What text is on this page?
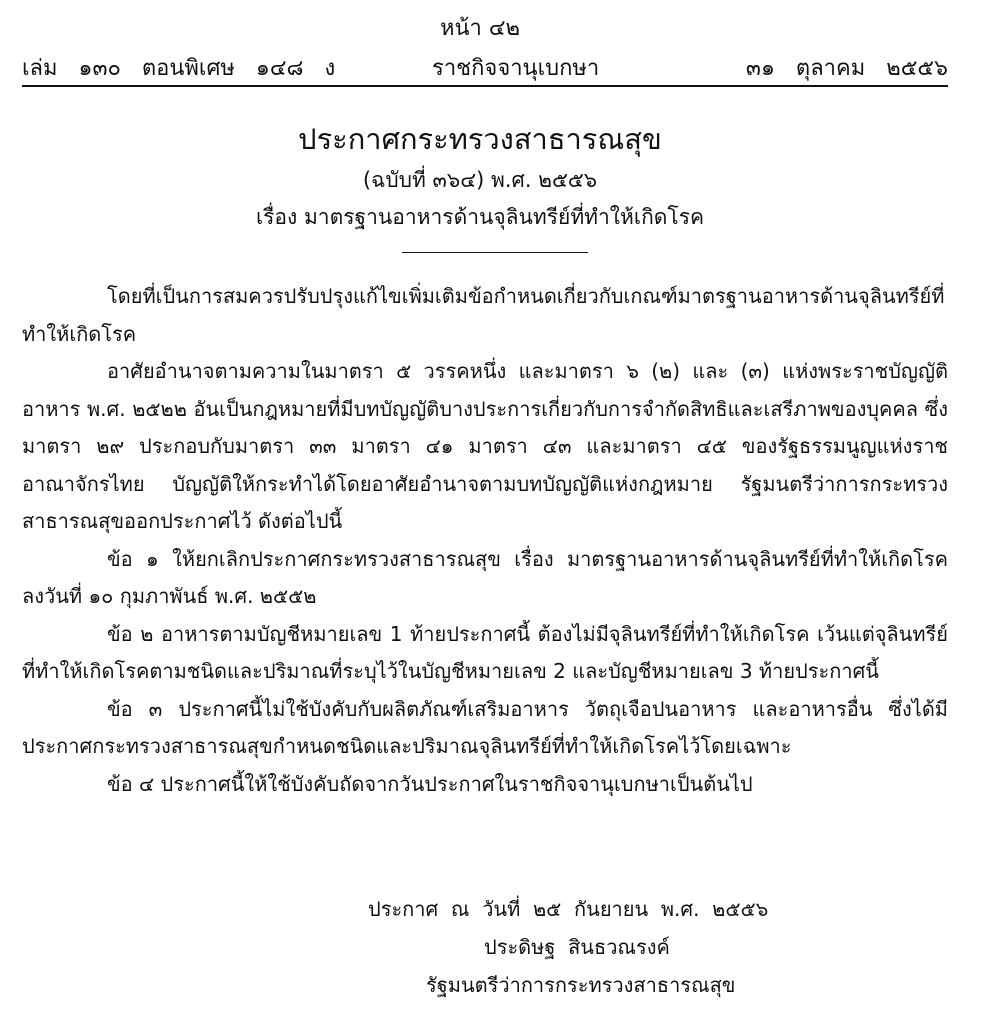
หน้า ๔๒
เล่ม   ๑๓๐   ตอนพิเศษ   ๑๔๘   ง	ราชกิจจานุเบกษา	๓๑   ตุลาคม   ๒๕๕๖
ประกาศกระทรวงสาธารณสุข
(ฉบับที่ ๓๖๔) พ.ศ. ๒๕๕๖
เรื่อง มาตรฐานอาหารด้านจุลินทรีย์ที่ทำให้เกิดโรค

โดยที่เป็นการสมควรปรับปรุงแก้ไขเพิ่มเติมข้อกำหนดเกี่ยวกับเกณฑ์มาตรฐานอาหารด้านจุลินทรีย์ที่ทำให้เกิดโรค

อาศัยอำนาจตามความในมาตรา ๕ วรรคหนึ่ง และมาตรา ๖ (๒) และ (๓) แห่งพระราชบัญญัติอาหาร พ.ศ. ๒๕๒๒ อันเป็นกฎหมายที่มีบทบัญญัติบางประการเกี่ยวกับการจำกัดสิทธิและเสรีภาพของบุคคล ซึ่งมาตรา ๒๙ ประกอบกับมาตรา ๓๓ มาตรา ๔๑ มาตรา ๔๓ และมาตรา ๔๕ ของรัฐธรรมนูญแห่งราชอาณาจักรไทย บัญญัติให้กระทำได้โดยอาศัยอำนาจตามบทบัญญัติแห่งกฎหมาย รัฐมนตรีว่าการกระทรวงสาธารณสุขออกประกาศไว้ ดังต่อไปนี้

ข้อ ๑ ให้ยกเลิกประกาศกระทรวงสาธารณสุข เรื่อง มาตรฐานอาหารด้านจุลินทรีย์ที่ทำให้เกิดโรค ลงวันที่ ๑๐ กุมภาพันธ์ พ.ศ. ๒๕๕๒

ข้อ ๒ อาหารตามบัญชีหมายเลข 1 ท้ายประกาศนี้ ต้องไม่มีจุลินทรีย์ที่ทำให้เกิดโรค เว้นแต่จุลินทรีย์ที่ทำให้เกิดโรคตามชนิดและปริมาณที่ระบุไว้ในบัญชีหมายเลข 2 และบัญชีหมายเลข 3 ท้ายประกาศนี้

ข้อ ๓ ประกาศนี้ไม่ใช้บังคับกับผลิตภัณฑ์เสริมอาหาร วัตถุเจือปนอาหาร และอาหารอื่น ซึ่งได้มีประกาศกระทรวงสาธารณสุขกำหนดชนิดและปริมาณจุลินทรีย์ที่ทำให้เกิดโรคไว้โดยเฉพาะ

ข้อ ๔ ประกาศนี้ให้ใช้บังคับถัดจากวันประกาศในราชกิจจานุเบกษาเป็นต้นไป

ประกาศ  ณ  วันที่  ๒๕  กันยายน  พ.ศ.  ๒๕๕๖
ประดิษฐ  สินธวณรงค์
รัฐมนตรีว่าการกระทรวงสาธารณสุข
